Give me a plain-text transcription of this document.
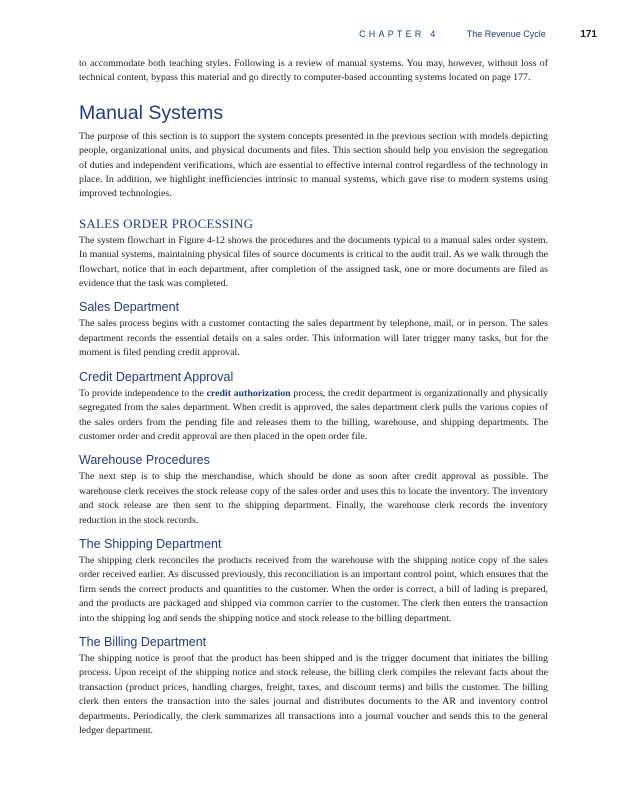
CHAPTER 4	The Revenue Cycle	171

to accommodate both teaching styles. Following is a review of manual systems. You may, however, without loss of technical content, bypass this material and go directly to computer-based accounting systems located on page 177.

Manual Systems

The purpose of this section is to support the system concepts presented in the previous section with models depicting people, organizational units, and physical documents and files. This section should help you envision the segregation of duties and independent verifications, which are essential to effective internal control regardless of the technology in place. In addition, we highlight inefficiencies intrinsic to manual systems, which gave rise to modern systems using improved technologies.

SALES ORDER PROCESSING

The system flowchart in Figure 4-12 shows the procedures and the documents typical to a manual sales order system. In manual systems, maintaining physical files of source documents is critical to the audit trail. As we walk through the flowchart, notice that in each department, after completion of the assigned task, one or more documents are filed as evidence that the task was completed.

Sales Department

The sales process begins with a customer contacting the sales department by telephone, mail, or in person. The sales department records the essential details on a sales order. This information will later trigger many tasks, but for the moment is filed pending credit approval.

Credit Department Approval

To provide independence to the credit authorization process, the credit department is organizationally and physically segregated from the sales department. When credit is approved, the sales department clerk pulls the various copies of the sales orders from the pending file and releases them to the billing, warehouse, and shipping departments. The customer order and credit approval are then placed in the open order file.

Warehouse Procedures

The next step is to ship the merchandise, which should be done as soon after credit approval as possible. The warehouse clerk receives the stock release copy of the sales order and uses this to locate the inventory. The inventory and stock release are then sent to the shipping department. Finally, the warehouse clerk records the inventory reduction in the stock records.

The Shipping Department

The shipping clerk reconciles the products received from the warehouse with the shipping notice copy of the sales order received earlier. As discussed previously, this reconciliation is an important control point, which ensures that the firm sends the correct products and quantities to the customer. When the order is correct, a bill of lading is prepared, and the products are packaged and shipped via common carrier to the customer. The clerk then enters the transaction into the shipping log and sends the shipping notice and stock release to the billing department.

The Billing Department

The shipping notice is proof that the product has been shipped and is the trigger document that initiates the billing process. Upon receipt of the shipping notice and stock release, the billing clerk compiles the relevant facts about the transaction (product prices, handling charges, freight, taxes, and discount terms) and bills the customer. The billing clerk then enters the transaction into the sales journal and distributes documents to the AR and inventory control departments. Periodically, the clerk summarizes all transactions into a journal voucher and sends this to the general ledger department.
